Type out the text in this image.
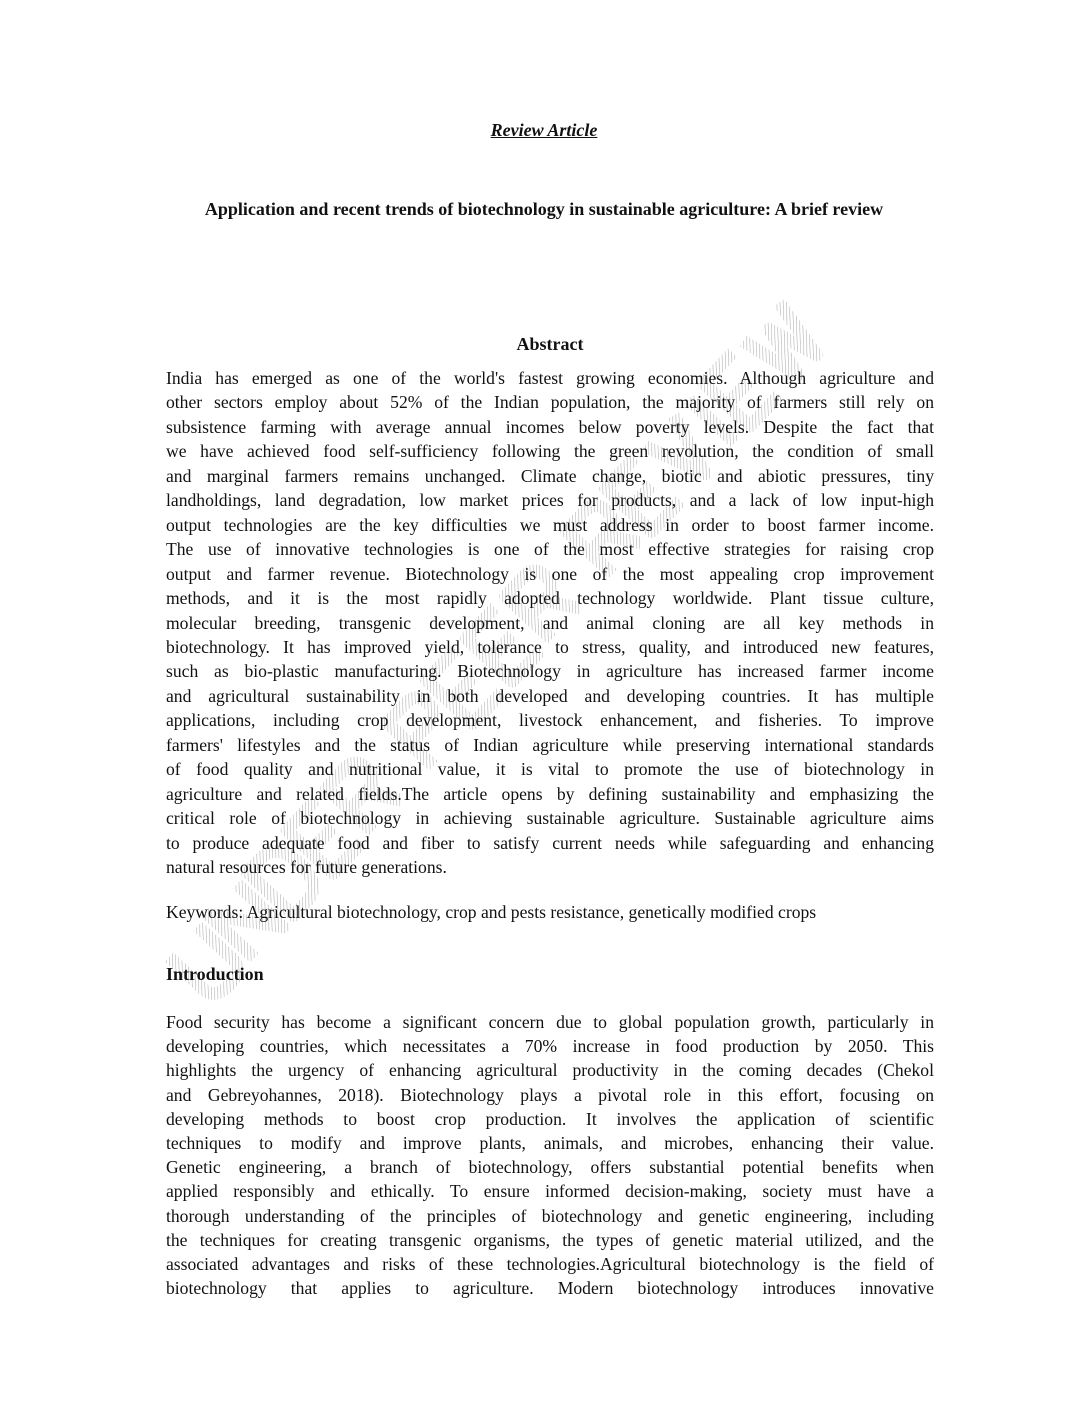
Review Article
Application and recent trends of biotechnology in sustainable agriculture: A brief review
Abstract
India has emerged as one of the world's fastest growing economies. Although agriculture and
other sectors employ about 52% of the Indian population, the majority of farmers still rely on
subsistence farming with average annual incomes below poverty levels. Despite the fact that
we have achieved food self-sufficiency following the green revolution, the condition of small
and marginal farmers remains unchanged. Climate change, biotic and abiotic pressures, tiny
landholdings, land degradation, low market prices for products, and a lack of low input-high
output technologies are the key difficulties we must address in order to boost farmer income.
The use of innovative technologies is one of the most effective strategies for raising crop
output and farmer revenue. Biotechnology is one of the most appealing crop improvement
methods, and it is the most rapidly adopted technology worldwide. Plant tissue culture,
molecular breeding, transgenic development, and animal cloning are all key methods in
biotechnology. It has improved yield, tolerance to stress, quality, and introduced new features,
such as bio-plastic manufacturing. Biotechnology in agriculture has increased farmer income
and agricultural sustainability in both developed and developing countries. It has multiple
applications, including crop development, livestock enhancement, and fisheries. To improve
farmers' lifestyles and the status of Indian agriculture while preserving international standards
of food quality and nutritional value, it is vital to promote the use of biotechnology in
agriculture and related fields.The article opens by defining sustainability and emphasizing the
critical role of biotechnology in achieving sustainable agriculture. Sustainable agriculture aims
to produce adequate food and fiber to satisfy current needs while safeguarding and enhancing
natural resources for future generations.
Keywords: Agricultural biotechnology, crop and pests resistance, genetically modified crops
Introduction
Food security has become a significant concern due to global population growth, particularly in
developing countries, which necessitates a 70% increase in food production by 2050. This
highlights the urgency of enhancing agricultural productivity in the coming decades (Chekol
and Gebreyohannes, 2018). Biotechnology plays a pivotal role in this effort, focusing on
developing methods to boost crop production. It involves the application of scientific
techniques to modify and improve plants, animals, and microbes, enhancing their value.
Genetic engineering, a branch of biotechnology, offers substantial potential benefits when
applied responsibly and ethically. To ensure informed decision-making, society must have a
thorough understanding of the principles of biotechnology and genetic engineering, including
the techniques for creating transgenic organisms, the types of genetic material utilized, and the
associated advantages and risks of these technologies.Agricultural biotechnology is the field of
biotechnology that applies to agriculture. Modern biotechnology introduces innovative
